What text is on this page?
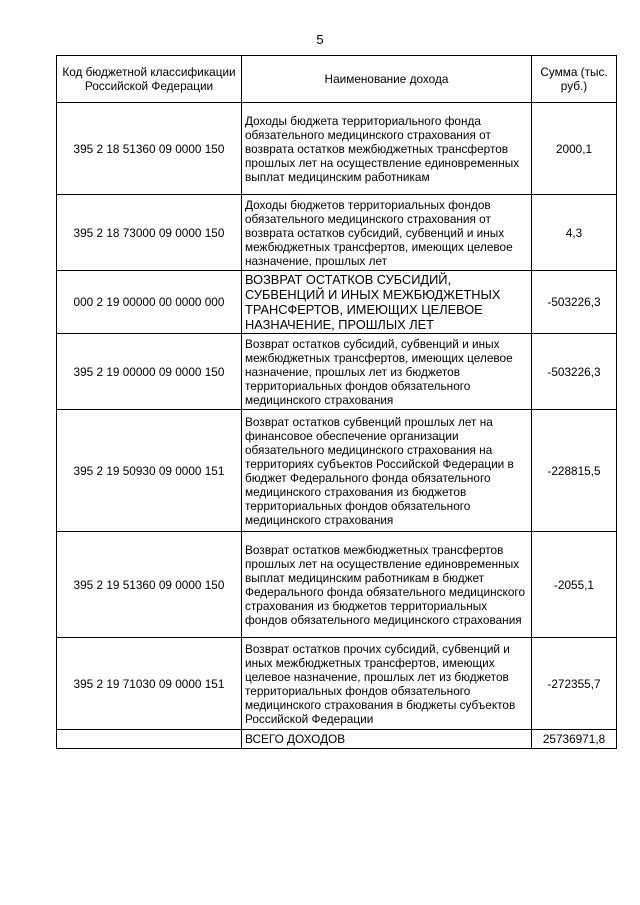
5
Код бюджетной классификации Российской Федерации	Наименование дохода	Сумма (тыс. руб.)
395 2 18 51360 09 0000 150	Доходы бюджета территориального фонда обязательного медицинского страхования от возврата остатков межбюджетных трансфертов прошлых лет на осуществление единовременных выплат медицинским работникам	2000,1
395 2 18 73000 09 0000 150	Доходы бюджетов территориальных фондов обязательного медицинского страхования от возврата остатков субсидий, субвенций и иных межбюджетных трансфертов, имеющих целевое назначение, прошлых лет	4,3
000 2 19 00000 00 0000 000	ВОЗВРАТ ОСТАТКОВ СУБСИДИЙ, СУБВЕНЦИЙ И ИНЫХ МЕЖБЮДЖЕТНЫХ ТРАНСФЕРТОВ, ИМЕЮЩИХ ЦЕЛЕВОЕ НАЗНАЧЕНИЕ, ПРОШЛЫХ ЛЕТ	-503226,3
395 2 19 00000 09 0000 150	Возврат остатков субсидий, субвенций и иных межбюджетных трансфертов, имеющих целевое назначение, прошлых лет из бюджетов территориальных фондов обязательного медицинского страхования	-503226,3
395 2 19 50930 09 0000 151	Возврат остатков субвенций прошлых лет на финансовое обеспечение организации обязательного медицинского страхования на территориях субъектов Российской Федерации в бюджет Федерального фонда обязательного медицинского страхования из бюджетов территориальных фондов обязательного медицинского страхования	-228815,5
395 2 19 51360 09 0000 150	Возврат остатков межбюджетных трансфертов прошлых лет на осуществление единовременных выплат медицинским работникам в бюджет Федерального фонда обязательного медицинского страхования из бюджетов территориальных фондов обязательного медицинского страхования	-2055,1
395 2 19 71030 09 0000 151	Возврат остатков прочих субсидий, субвенций и иных межбюджетных трансфертов, имеющих целевое назначение, прошлых лет из бюджетов территориальных фондов обязательного медицинского страхования в бюджеты субъектов Российской Федерации	-272355,7
	ВСЕГО ДОХОДОВ	25736971,8
